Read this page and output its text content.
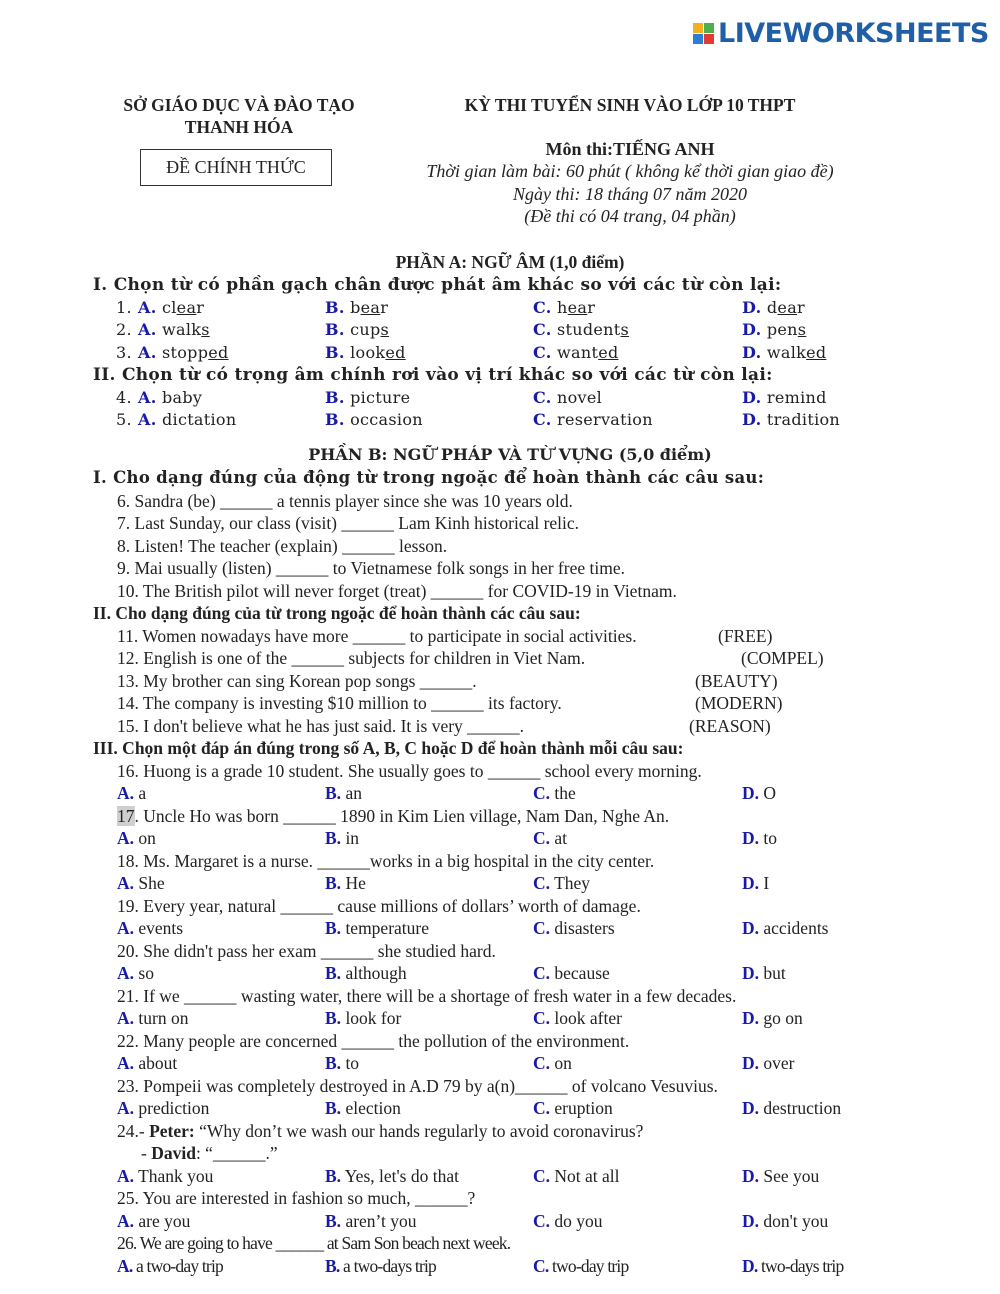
SỞ GIÁO DỤC VÀ ĐÀO TẠO
THANH HÓA
ĐỀ CHÍNH THỨC
KỲ THI TUYỂN SINH VÀO LỚP 10 THPT
Môn thi:TIẾNG ANH
Thời gian làm bài: 60 phút ( không kể thời gian giao đề)
Ngày thi: 18 tháng 07 năm 2020
(Đề thi có 04 trang, 04 phần)
PHẦN A: NGỮ ÂM (1,0 điểm)
I. Chọn từ có phần gạch chân được phát âm khác so với các từ còn lại:
1. A. clear	B. bear	C. hear	D. dear
2. A. walks	B. cups	C. students	D. pens
3. A. stopped	B. looked	C. wanted	D. walked
II. Chọn từ có trọng âm chính rơi vào vị trí khác so với các từ còn lại:
4. A. baby	B. picture	C. novel	D. remind
5. A. dictation	B. occasion	C. reservation	D. tradition
PHẦN B: NGỮ PHÁP VÀ TỪ VỰNG (5,0 điểm)
I. Cho dạng đúng của động từ trong ngoặc để hoàn thành các câu sau:
6. Sandra (be) ______ a tennis player since she was 10 years old.
7. Last Sunday, our class (visit) ______ Lam Kinh historical relic.
8. Listen! The teacher (explain) ______ lesson.
9. Mai usually (listen) ______ to Vietnamese folk songs in her free time.
10. The British pilot will never forget (treat) ______ for COVID-19 in Vietnam.
II. Cho dạng đúng của từ trong ngoặc để hoàn thành các câu sau:
11. Women nowadays have more ______ to participate in social activities.	(FREE)
12. English is one of the ______ subjects for children in Viet Nam.	(COMPEL)
13. My brother can sing Korean pop songs ______.	(BEAUTY)
14. The company is investing $10 million to ______ its factory.	(MODERN)
15. I don't believe what he has just said. It is very ______.	(REASON)
III. Chọn một đáp án đúng trong số A, B, C hoặc D để hoàn thành mỗi câu sau:
16. Huong is a grade 10 student. She usually goes to ______ school every morning.
A. a	B. an	C. the	D. O
17. Uncle Ho was born ______ 1890 in Kim Lien village, Nam Dan, Nghe An.
A. on	B. in	C. at	D. to
18. Ms. Margaret is a nurse. ______works in a big hospital in the city center.
A. She	B. He	C. They	D. I
19. Every year, natural ______ cause millions of dollars’ worth of damage.
A. events	B. temperature	C. disasters	D. accidents
20. She didn't pass her exam ______ she studied hard.
A. so	B. although	C. because	D. but
21. If we ______ wasting water, there will be a shortage of fresh water in a few decades.
A. turn on	B. look for	C. look after	D. go on
22. Many people are concerned ______ the pollution of the environment.
A. about	B. to	C. on	D. over
23. Pompeii was completely destroyed in A.D 79 by a(n)______ of volcano Vesuvius.
A. prediction	B. election	C. eruption	D. destruction
24.- Peter: “Why don’t we wash our hands regularly to avoid coronavirus?
- David: “______.”
A. Thank you	B. Yes, let's do that	C. Not at all	D. See you
25. You are interested in fashion so much, ______?
A. are you	B. aren’t you	C. do you	D. don't you
26. We are going to have ______ at Sam Son beach next week.
A. a two-day trip	B. a two-days trip	C. two-day trip	D. two-days trip
LIVEWORKSHEETS
